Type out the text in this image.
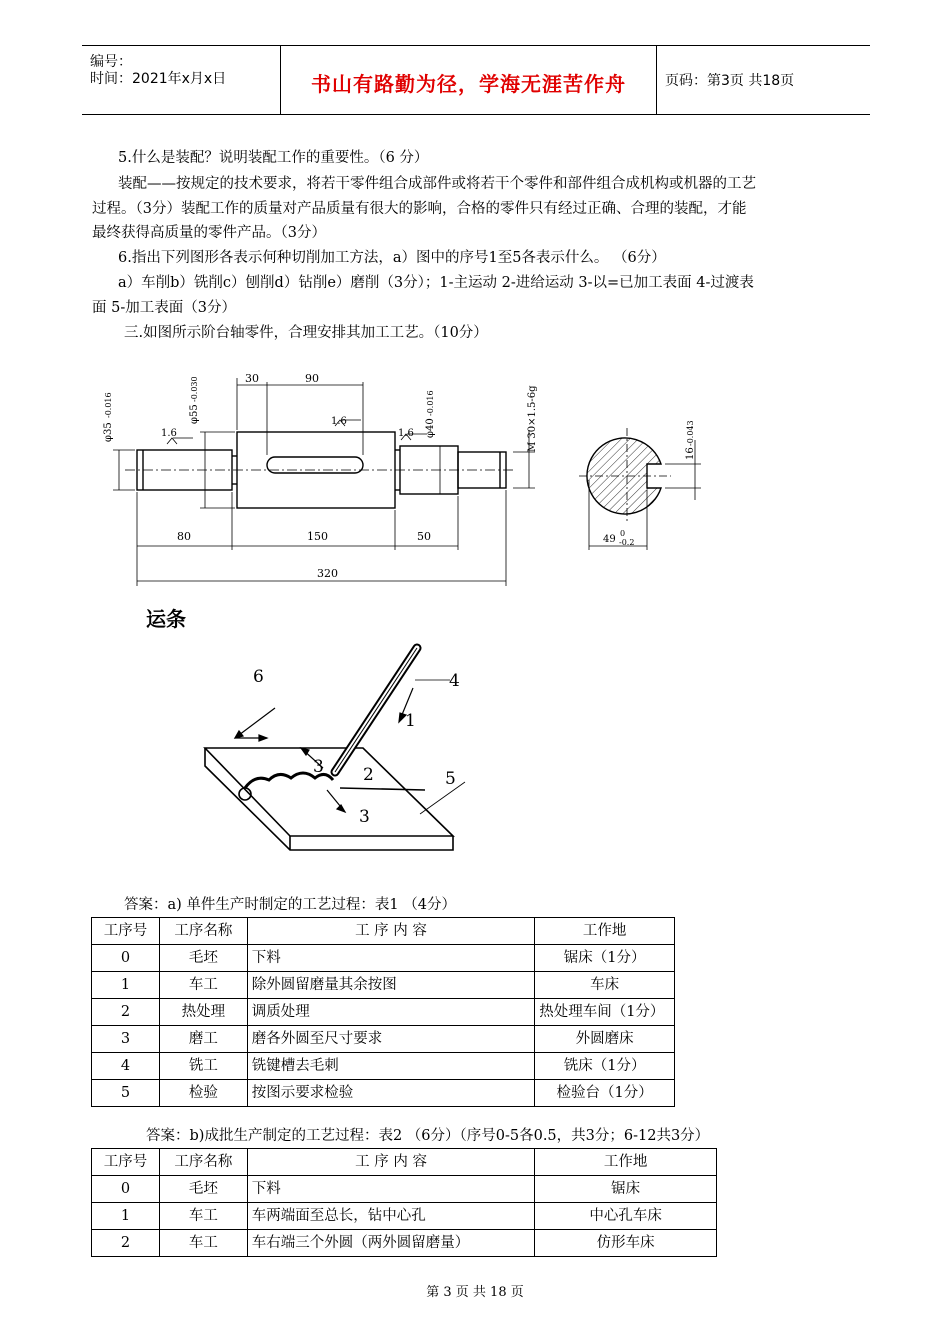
编号：
时间：2021年x月x日	书山有路勤为径，学海无涯苦作舟	页码：第3页 共18页
5.什么是装配？说明装配工作的重要性。（6 分）
装配——按规定的技术要求，将若干零件组合成部件或将若干个零件和部件组合成机构或机器的工艺
过程。（3分）装配工作的质量对产品质量有很大的影响，合格的零件只有经过正确、合理的装配，才能
最终获得高质量的零件产品。（3分）
6.指出下列图形各表示何种切削加工方法，a）图中的序号1至5各表示什么。 （6分）
a）车削b）铣削c）刨削d）钻削e）磨削（3分）；1-主运动 2-进给运动 3-以=已加工表面 4-过渡表
面 5-加工表面（3分）
三.如图所示阶台轴零件，合理安排其加工工艺。（10分）
30	90
80	150	50
320
1.6
1.6
1.6
φ35
-0.016	φ55
-0.030
φ40
-0.016	M 30×1.5-6g
49 -0.2
0
16
-0.043
运条
6	4
1
3 2	5
3
答案：a) 单件生产时制定的工艺过程：表1 （4分）
工序号	工序名称	工 序 内 容	工作地
0	毛坯	下料	锯床（1分）
1	车工	除外圆留磨量其余按图	车床
2	热处理	调质处理	热处理车间（1分）
3	磨工	磨各外圆至尺寸要求	外圆磨床
4	铣工	铣键槽去毛刺	铣床（1分）
5	检验	按图示要求检验	检验台（1分）
答案：b)成批生产制定的工艺过程：表2 （6分）（序号0-5各0.5，共3分；6-12共3分）
工序号	工序名称	工 序 内 容	工作地
0	毛坯	下料	锯床
1	车工	车两端面至总长，钻中心孔	中心孔车床
2	车工	车右端三个外圆（两外圆留磨量）	仿形车床
第 3 页 共 18 页
